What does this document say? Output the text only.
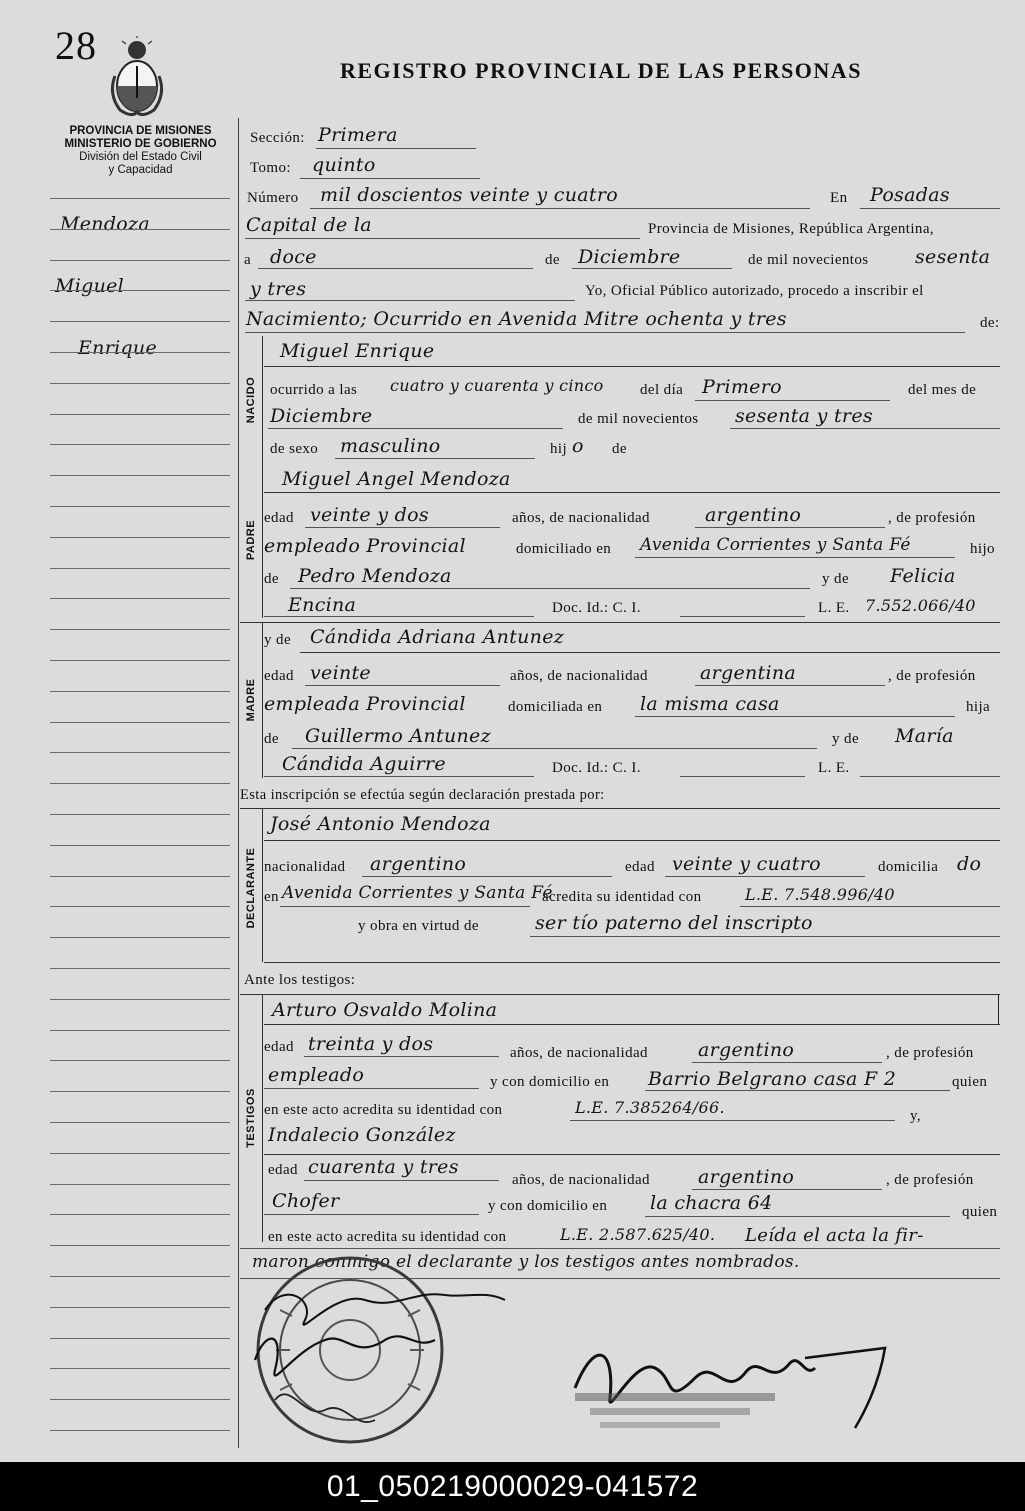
28
REGISTRO PROVINCIAL DE LAS PERSONAS
PROVINCIA DE MISIONES
MINISTERIO DE GOBIERNO
División del Estado Civil
y Capacidad
Mendoza
Miguel
Enrique
Sección: Primera
Tomo: quinto
Número mil doscientos veinte y cuatro	En Posadas
Capital de la	Provincia de Misiones, República Argentina,
a doce	de Diciembre	de mil novecientos sesenta
y tres	Yo, Oficial Público autorizado, procedo a inscribir el
Nacimiento; Ocurrido en Avenida Mitre ochenta y tres	de:
NACIDO
Miguel Enrique
ocurrido a las cuatro y cuarenta y cinco del día Primero	del mes de
Diciembre	de mil novecientos sesenta y tres
de sexo masculino	hij o de
PADRE
Miguel Angel Mendoza
edad veinte y dos	años, de nacionalidad	argentino	, de profesión
empleado Provincial	domiciliado en Avenida Corrientes y Santa Fé	hijo
de Pedro Mendoza	y de Felicia
Encina	Doc. Id.: C. I.	L. E. 7.552.066/40
MADRE
y de Cándida Adriana Antunez
edad veinte	años, de nacionalidad	argentina	, de profesión
empleada Provincial	domiciliada en la misma casa	hija
de Guillermo Antunez	y de María
Cándida Aguirre	Doc. Id.: C. I.	L. E.
Esta inscripción se efectúa según declaración prestada por:
DECLARANTE
José Antonio Mendoza
nacionalidad argentino	edad veinte y cuatro	domicilia do
en Avenida Corrientes y Santa Fé
acredita su identidad con	L.E. 7.548.996/40
y obra en virtud de	ser tío paterno del inscripto
Ante los testigos:
TESTIGOS
Arturo Osvaldo Molina
edad treinta y dos	años, de nacionalidad	argentino	, de profesión
empleado	y con domicilio en Barrio Belgrano casa F 2	quien
en este acto acredita su identidad con	L.E. 7.385264/66.	y,
Indalecio González
edad cuarenta y tres
años, de nacionalidad	argentino	, de profesión
Chofer	y con domicilio en la chacra 64	quien
en este acto acredita su identidad con	L.E. 2.587.625/40. Leída el acta la fir-
maron conmigo el declarante y los testigos antes nombrados.
01_050219000029-041572
